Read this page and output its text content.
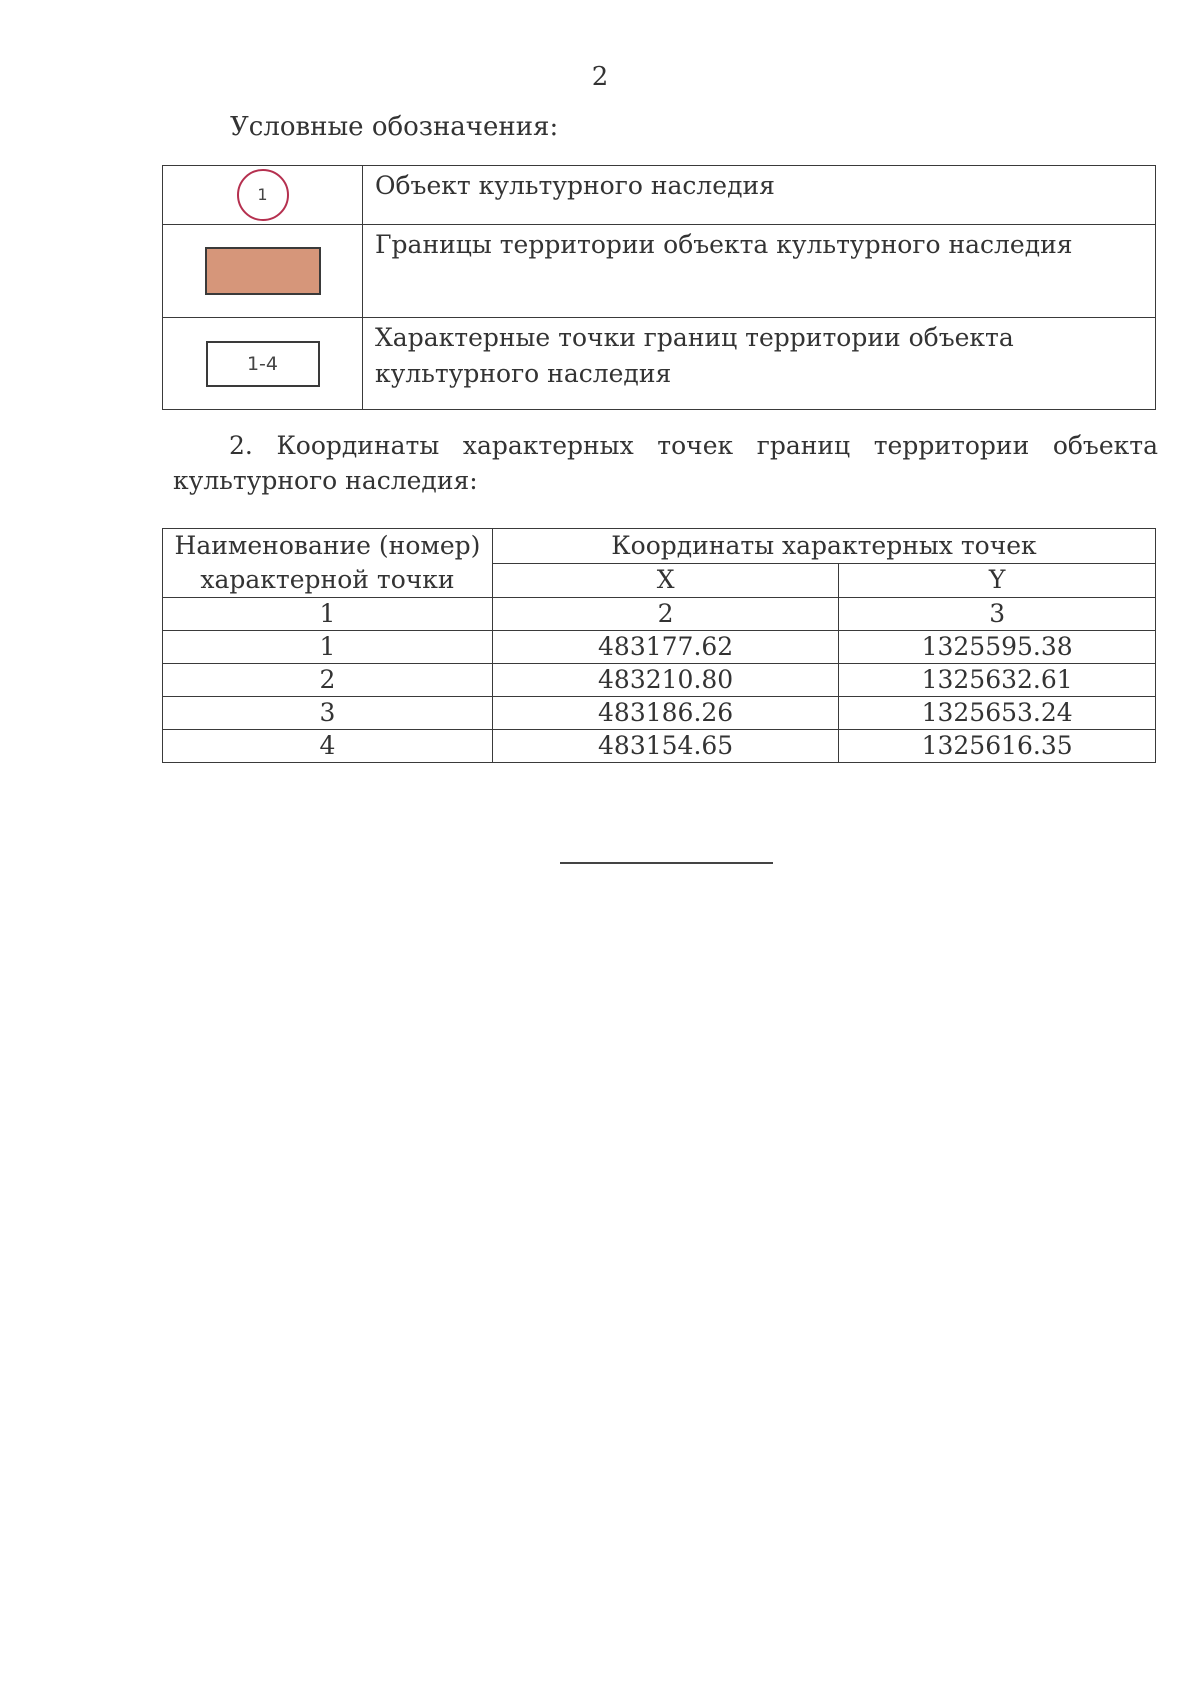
2
Условные обозначения:
1	Объект культурного наследия

	Границы территории объекта культурного наследия
1-4	Характерные точки границ территории объекта культурного наследия
2. Координаты характерных точек границ территории объекта культурного наследия:
Наименование (номер) характерной точки	Координаты характерных точек	
	X	Y
1	2	3
1	483177.62	1325595.38
2	483210.80	1325632.61
3	483186.26	1325653.24
4	483154.65	1325616.35
